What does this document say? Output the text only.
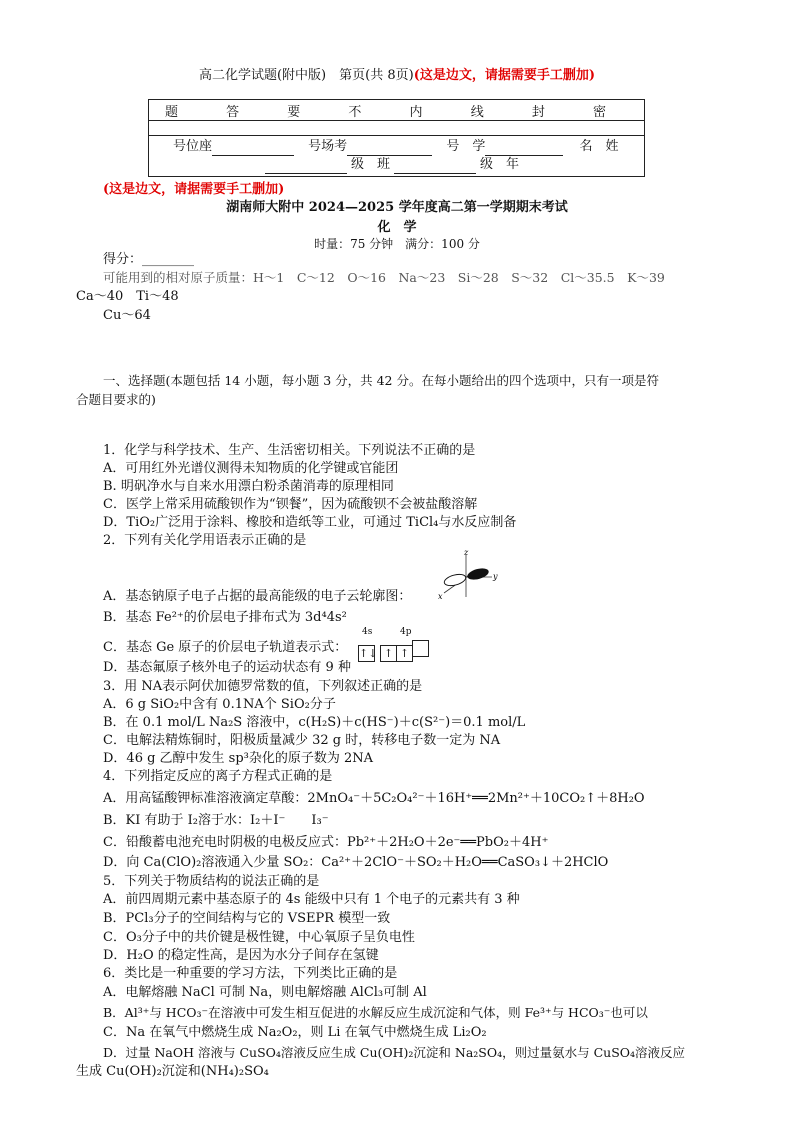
高二化学试题(附中版)　第页(共 8页)(这是边文，请据需要手工删加)
题 答 要 不 内 线 封 密

号位座	号场考	号　学	名　姓
级　班	级　年
(这是边文，请据需要手工删加)
湖南师大附中 2024—2025 学年度高二第一学期期末考试
化　学
时量：75 分钟　满分：100 分
得分：________
可能用到的相对原子质量：H～1　C～12　O～16　Na～23　Si～28　S～32　Cl～35.5　K～39
Ca～40　Ti～48
Cu～64
一、选择题(本题包括 14 小题，每小题 3 分，共 42 分。在每小题给出的四个选项中，只有一项是符
合题目要求的)
1．化学与科学技术、生产、生活密切相关。下列说法不正确的是
A．可用红外光谱仪测得未知物质的化学键或官能团
B. 明矾净水与自来水用漂白粉杀菌消毒的原理相同
C．医学上常采用硫酸钡作为“钡餐”，因为硫酸钡不会被盐酸溶解
D．TiO₂广泛用于涂料、橡胶和造纸等工业，可通过 TiCl₄与水反应制备
2．下列有关化学用语表示正确的是
z
y
x
A．基态钠原子电子占据的最高能级的电子云轮廓图：
B．基态 Fe²⁺的价层电子排布式为 3d⁴4s²
4s	4p
↑↓ ↑ ↑
C．基态 Ge 原子的价层电子轨道表示式：
D．基态氟原子核外电子的运动状态有 9 种
3．用 NA表示阿伏加德罗常数的值，下列叙述正确的是
A．6 g SiO₂中含有 0.1NA个 SiO₂分子
B．在 0.1 mol/L Na₂S 溶液中，c(H₂S)＋c(HS⁻)＋c(S²⁻)＝0.1 mol/L
C．电解法精炼铜时，阳极质量减少 32 g 时，转移电子数一定为 NA
D．46 g 乙醇中发生 sp³杂化的原子数为 2NA
4．下列指定反应的离子方程式正确的是
A．用高锰酸钾标准溶液滴定草酸：2MnO₄⁻＋5C₂O₄²⁻＋16H⁺══2Mn²⁺＋10CO₂↑＋8H₂O
B．KI 有助于 I₂溶于水：I₂＋I⁻　　I₃⁻
C．铅酸蓄电池充电时阴极的电极反应式：Pb²⁺＋2H₂O＋2e⁻══PbO₂＋4H⁺
D．向 Ca(ClO)₂溶液通入少量 SO₂：Ca²⁺＋2ClO⁻＋SO₂＋H₂O══CaSO₃↓＋2HClO
5．下列关于物质结构的说法正确的是
A．前四周期元素中基态原子的 4s 能级中只有 1 个电子的元素共有 3 种
B．PCl₃分子的空间结构与它的 VSEPR 模型一致
C．O₃分子中的共价键是极性键，中心氧原子呈负电性
D．H₂O 的稳定性高，是因为水分子间存在氢键
6．类比是一种重要的学习方法，下列类比正确的是
A．电解熔融 NaCl 可制 Na，则电解熔融 AlCl₃可制 Al
B．Al³⁺与 HCO₃⁻在溶液中可发生相互促进的水解反应生成沉淀和气体，则 Fe³⁺与 HCO₃⁻也可以
C．Na 在氧气中燃烧生成 Na₂O₂，则 Li 在氧气中燃烧生成 Li₂O₂
D．过量 NaOH 溶液与 CuSO₄溶液反应生成 Cu(OH)₂沉淀和 Na₂SO₄，则过量氨水与 CuSO₄溶液反应
生成 Cu(OH)₂沉淀和(NH₄)₂SO₄
